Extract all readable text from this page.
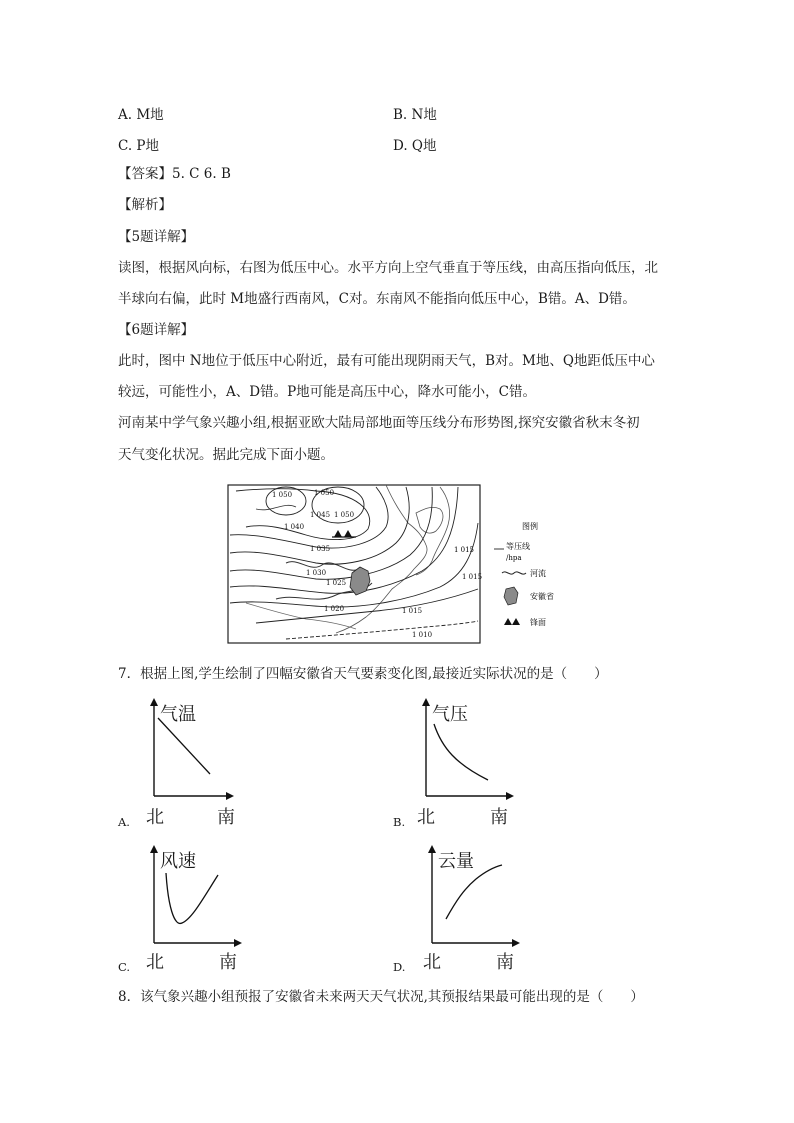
A. M地	B. N地
C. P地	D. Q地
【答案】5. C 6. B
【解析】
【5题详解】
读图，根据风向标，右图为低压中心。水平方向上空气垂直于等压线，由高压指向低压，北
半球向右偏，此时 M地盛行西南风，C对。东南风不能指向低压中心，B错。A、D错。
【6题详解】
此时，图中 N地位于低压中心附近，最有可能出现阴雨天气，B对。M地、Q地距低压中心
较远，可能性小，A、D错。P地可能是高压中心，降水可能小，C错。
河南某中学气象兴趣小组,根据亚欧大陆局部地面等压线分布形势图,探究安徽省秋末冬初
天气变化状况。据此完成下面小题。
1 050	1 050
1 050
1 045
1 040
1 035
1 030
1 025
1 020	1 015
1 015
1 010
图例
1 015	等压线
/hpa
河流
安徽省
锋面
7．根据上图,学生绘制了四幅安徽省天气要素变化图,最接近实际状况的是（　　）
气温
北	南
A.
气压
北	南
B.
风速
北	南
C.
云量
北	南
D.
8．该气象兴趣小组预报了安徽省未来两天天气状况,其预报结果最可能出现的是（　　）
